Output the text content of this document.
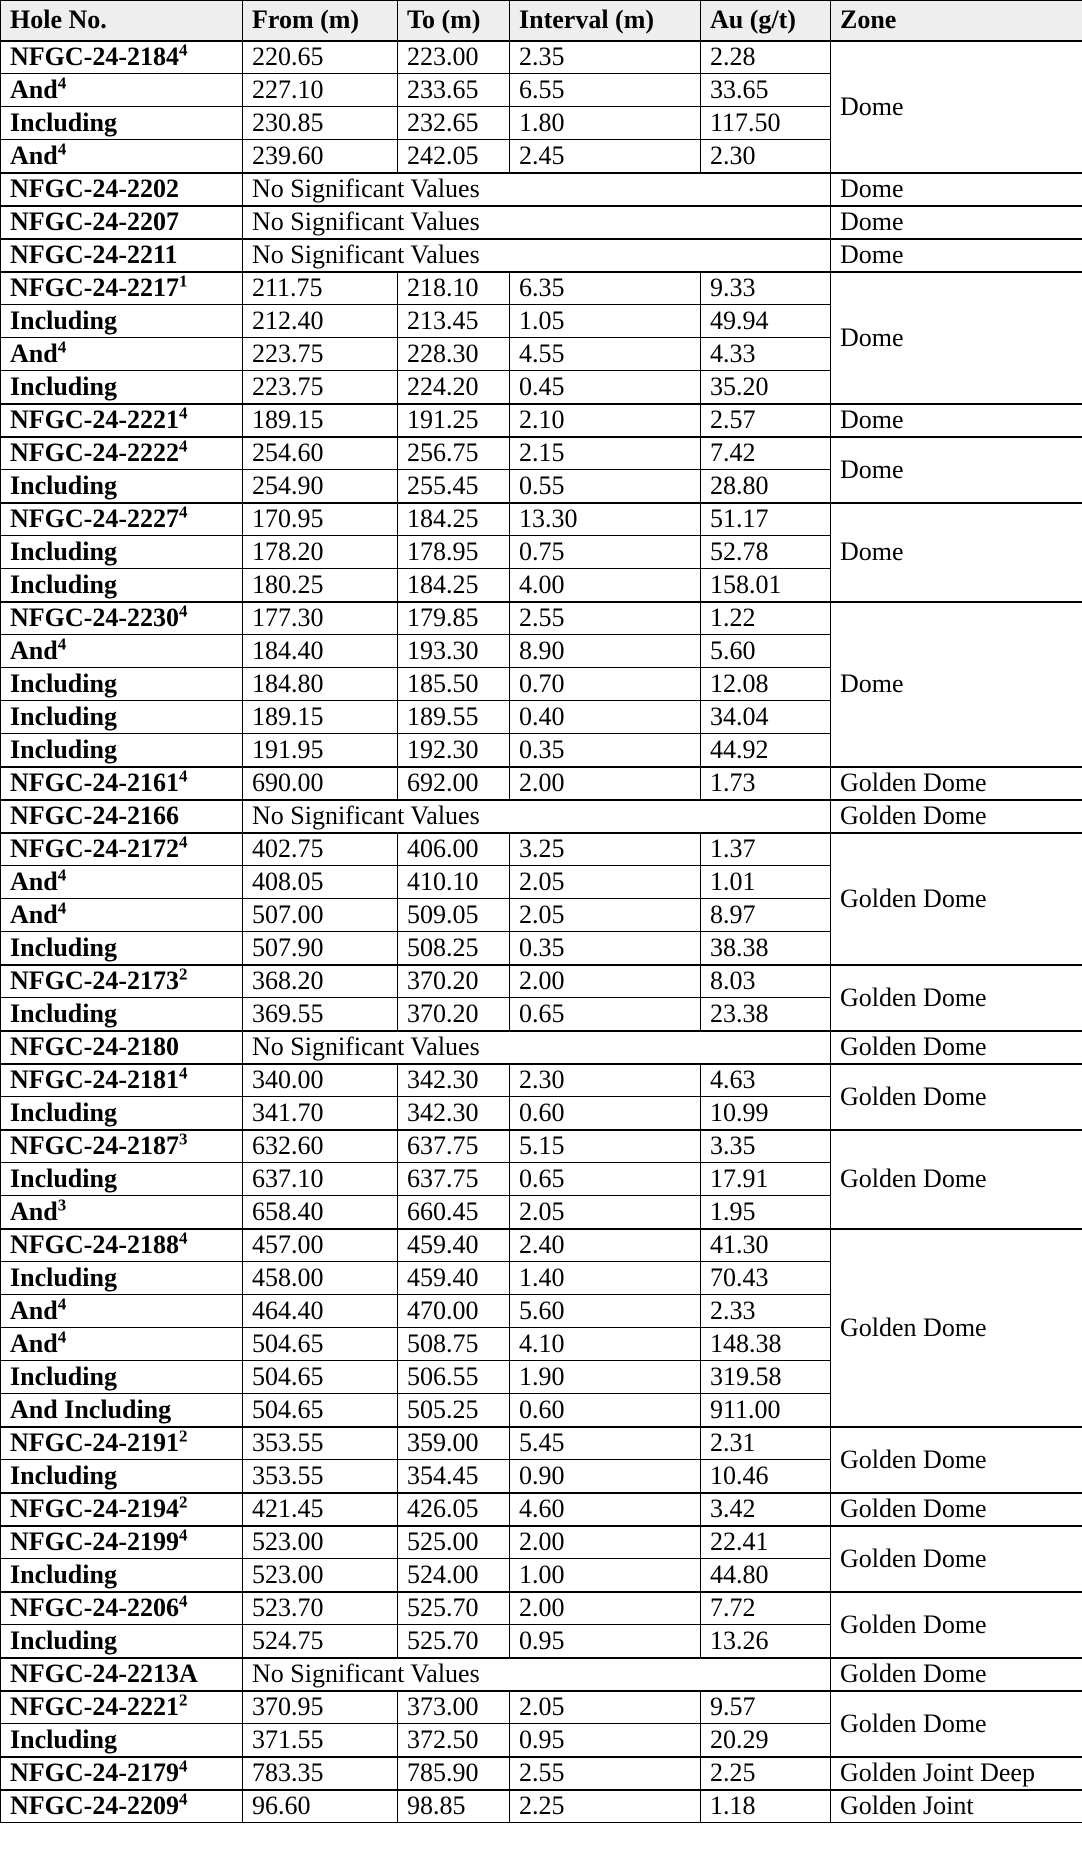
Hole No.	From (m)	To (m)	Interval (m)	Au (g/t)	Zone
NFGC-24-2184$^4$	220.65	223.00	2.35	2.28	Dome
And$^4$	227.10	233.65	6.55	33.65	
Including	230.85	232.65	1.80	117.50	
And$^4$	239.60	242.05	2.45	2.30	
NFGC-24-2202	No Significant Values				Dome
NFGC-24-2207	No Significant Values				Dome
NFGC-24-2211	No Significant Values				Dome
NFGC-24-2217$^1$	211.75	218.10	6.35	9.33	Dome
Including	212.40	213.45	1.05	49.94	
And$^4$	223.75	228.30	4.55	4.33	
Including	223.75	224.20	0.45	35.20	
NFGC-24-2221$^4$	189.15	191.25	2.10	2.57	Dome
NFGC-24-2222$^4$	254.60	256.75	2.15	7.42	Dome
Including	254.90	255.45	0.55	28.80	
NFGC-24-2227$^4$	170.95	184.25	13.30	51.17	Dome
Including	178.20	178.95	0.75	52.78	
Including	180.25	184.25	4.00	158.01	
NFGC-24-2230$^4$	177.30	179.85	2.55	1.22	Dome
And$^4$	184.40	193.30	8.90	5.60	
Including	184.80	185.50	0.70	12.08	
Including	189.15	189.55	0.40	34.04	
Including	191.95	192.30	0.35	44.92	
NFGC-24-2161$^4$	690.00	692.00	2.00	1.73	Golden Dome
NFGC-24-2166	No Significant Values				Golden Dome
NFGC-24-2172$^4$	402.75	406.00	3.25	1.37	Golden Dome
And$^4$	408.05	410.10	2.05	1.01	
And$^4$	507.00	509.05	2.05	8.97	
Including	507.90	508.25	0.35	38.38	
NFGC-24-2173$^2$	368.20	370.20	2.00	8.03	Golden Dome
Including	369.55	370.20	0.65	23.38	
NFGC-24-2180	No Significant Values				Golden Dome
NFGC-24-2181$^4$	340.00	342.30	2.30	4.63	Golden Dome
Including	341.70	342.30	0.60	10.99	
NFGC-24-2187$^3$	632.60	637.75	5.15	3.35	Golden Dome
Including	637.10	637.75	0.65	17.91	
And$^3$	658.40	660.45	2.05	1.95	
NFGC-24-2188$^4$	457.00	459.40	2.40	41.30	Golden Dome
Including	458.00	459.40	1.40	70.43	
And$^4$	464.40	470.00	5.60	2.33	
And$^4$	504.65	508.75	4.10	148.38	
Including	504.65	506.55	1.90	319.58	
And Including	504.65	505.25	0.60	911.00	
NFGC-24-2191$^2$	353.55	359.00	5.45	2.31	Golden Dome
Including	353.55	354.45	0.90	10.46	
NFGC-24-2194$^2$	421.45	426.05	4.60	3.42	Golden Dome
NFGC-24-2199$^4$	523.00	525.00	2.00	22.41	Golden Dome
Including	523.00	524.00	1.00	44.80	
NFGC-24-2206$^4$	523.70	525.70	2.00	7.72	Golden Dome
Including	524.75	525.70	0.95	13.26	
NFGC-24-2213A	No Significant Values				Golden Dome
NFGC-24-2221$^2$	370.95	373.00	2.05	9.57	Golden Dome
Including	371.55	372.50	0.95	20.29	
NFGC-24-2179$^4$	783.35	785.90	2.55	2.25	Golden Joint Deep
NFGC-24-2209$^4$	96.60	98.85	2.25	1.18	Golden Joint
